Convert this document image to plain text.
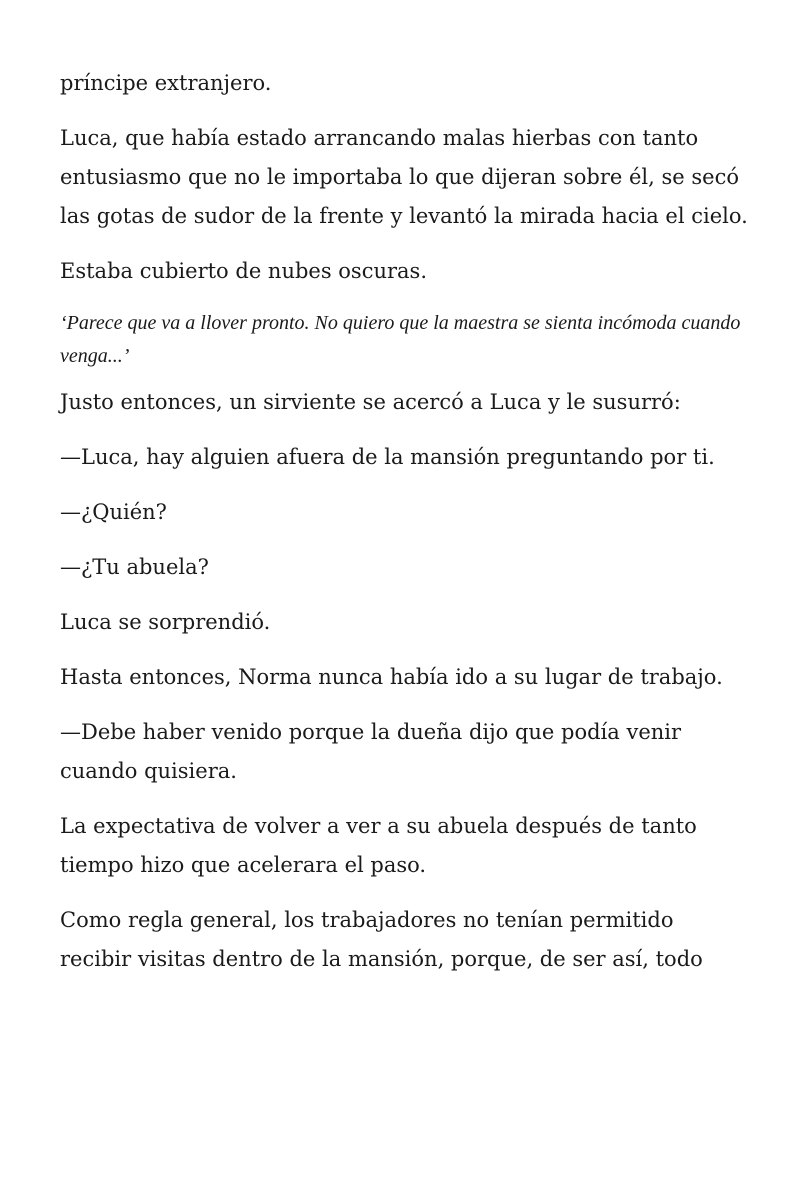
príncipe extranjero.

Luca, que había estado arrancando malas hierbas con tanto entusiasmo que no le importaba lo que dijeran sobre él, se secó las gotas de sudor de la frente y levantó la mirada hacia el cielo.

Estaba cubierto de nubes oscuras.

‘Parece que va a llover pronto. No quiero que la maestra se sienta incómoda cuando venga...’

Justo entonces, un sirviente se acercó a Luca y le susurró:

—Luca, hay alguien afuera de la mansión preguntando por ti.

—¿Quién?

—¿Tu abuela?

Luca se sorprendió.

Hasta entonces, Norma nunca había ido a su lugar de trabajo.

—Debe haber venido porque la dueña dijo que podía venir cuando quisiera.

La expectativa de volver a ver a su abuela después de tanto tiempo hizo que acelerara el paso.

Como regla general, los trabajadores no tenían permitido recibir visitas dentro de la mansión, porque, de ser así, todo
